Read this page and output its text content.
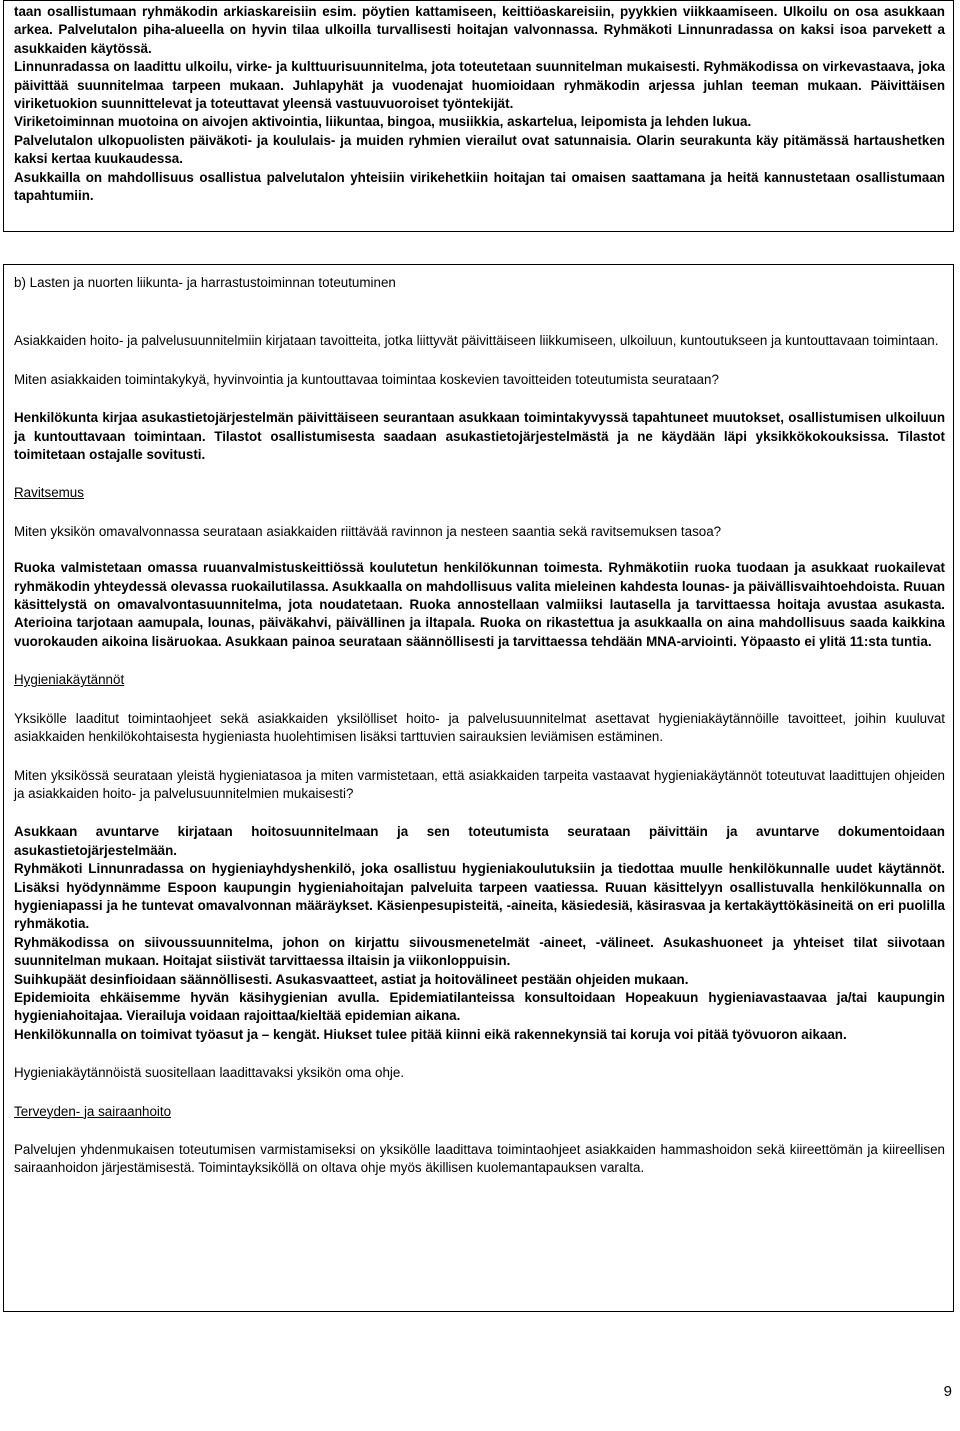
taan osallistumaan ryhmäkodin arkiaskareisiin esim. pöytien kattamiseen, keittiöaskareisiin, pyykkien viikkaamiseen. Ulkoilu on osa asukkaan arkea. Palvelutalon piha-alueella on hyvin tilaa ulkoilla turvallisesti hoitajan valvonnassa. Ryhmäkoti Linnunradassa on kaksi isoa parvekett a asukkaiden käytössä.

Linnunradassa on laadittu ulkoilu, virke- ja kulttuurisuunnitelma, jota toteutetaan suunnitelman mukaisesti. Ryhmäkodissa on virkevastaava, joka päivittää suunnitelmaa tarpeen mukaan. Juhlapyhät ja vuodenajat huomioidaan ryhmäkodin arjessa juhlan teeman mukaan. Päivittäisen viriketuokion suunnittelevat ja toteuttavat yleensä vastuuvuoroiset työntekijät.

Viriketoiminnan muotoina on aivojen aktivointia, liikuntaa, bingoa, musiikkia, askartelua, leipomista ja lehden lukua.

Palvelutalon ulkopuolisten päiväkoti- ja koululais- ja muiden ryhmien vierailut ovat satunnaisia. Olarin seurakunta käy pitämässä hartaushetken kaksi kertaa kuukaudessa.

Asukkailla on mahdollisuus osallistua palvelutalon yhteisiin virikehetkiin hoitajan tai omaisen saattamana ja heitä kannustetaan osallistumaan tapahtumiin.

b) Lasten ja nuorten liikunta- ja harrastustoiminnan toteutuminen

Asiakkaiden hoito- ja palvelusuunnitelmiin kirjataan tavoitteita, jotka liittyvät päivittäiseen liikkumiseen, ulkoiluun, kuntoutukseen ja kuntouttavaan toimintaan.

Miten asiakkaiden toimintakykyä, hyvinvointia ja kuntouttavaa toimintaa koskevien tavoitteiden toteutumista seurataan?

Henkilökunta kirjaa asukastietojärjestelmän päivittäiseen seurantaan asukkaan toimintakyvyssä tapahtuneet muutokset, osallistumisen ulkoiluun ja kuntouttavaan toimintaan. Tilastot osallistumisesta saadaan asukastietojärjestelmästä ja ne käydään läpi yksikkökokouksissa. Tilastot toimitetaan ostajalle sovitusti.

Ravitsemus

Miten yksikön omavalvonnassa seurataan asiakkaiden riittävää ravinnon ja nesteen saantia sekä ravitsemuksen tasoa?

Ruoka valmistetaan omassa ruuanvalmistuskeittiössä koulutetun henkilökunnan toimesta. Ryhmäkotiin ruoka tuodaan ja asukkaat ruokailevat ryhmäkodin yhteydessä olevassa ruokailutilassa. Asukkaalla on mahdollisuus valita mieleinen kahdesta lounas- ja päivällisvaihtoehdoista. Ruuan käsittelystä on omavalvontasuunnitelma, jota noudatetaan. Ruoka annostellaan valmiiksi lautasella ja tarvittaessa hoitaja avustaa asukasta. Aterioina tarjotaan aamupala, lounas, päiväkahvi, päivällinen ja iltapala. Ruoka on rikastettua ja asukkaalla on aina mahdollisuus saada kaikkina vuorokauden aikoina lisäruokaa. Asukkaan painoa seurataan säännöllisesti ja tarvittaessa tehdään MNA-arviointi. Yöpaasto ei ylitä 11:sta tuntia.

Hygieniakäytännöt

Yksikölle laaditut toimintaohjeet sekä asiakkaiden yksilölliset hoito- ja palvelusuunnitelmat asettavat hygieniakäytännöille tavoitteet, joihin kuuluvat asiakkaiden henkilökohtaisesta hygieniasta huolehtimisen lisäksi tarttuvien sairauksien leviämisen estäminen.

Miten yksikössä seurataan yleistä hygieniatasoa ja miten varmistetaan, että asiakkaiden tarpeita vastaavat hygieniakäytännöt toteutuvat laadittujen ohjeiden ja asiakkaiden hoito- ja palvelusuunnitelmien mukaisesti?

Asukkaan avuntarve kirjataan hoitosuunnitelmaan ja sen toteutumista seurataan päivittäin ja avuntarve dokumentoidaan asukastietojärjestelmään.

Ryhmäkoti Linnunradassa on hygieniayhdyshenkilö, joka osallistuu hygieniakoulutuksiin ja tiedottaa muulle henkilökunnalle uudet käytännöt. Lisäksi hyödynnämme Espoon kaupungin hygieniahoitajan palveluita tarpeen vaatiessa. Ruuan käsittelyyn osallistuvalla henkilökunnalla on hygieniapassi ja he tuntevat omavalvonnan määräykset. Käsienpesupisteitä, -aineita, käsiedesiä, käsirasvaa ja kertakäyttökäsineitä on eri puolilla ryhmäkotia.

Ryhmäkodissa on siivoussuunnitelma, johon on kirjattu siivousmenetelmät -aineet, -välineet. Asukashuoneet ja yhteiset tilat siivotaan suunnitelman mukaan. Hoitajat siistivät tarvittaessa iltaisin ja viikonloppuisin.

Suihkupäät desinfioidaan säännöllisesti. Asukasvaatteet, astiat ja hoitovälineet pestään ohjeiden mukaan.

Epidemioita ehkäisemme hyvän käsihygienian avulla. Epidemiatilanteissa konsultoidaan Hopeakuun hygieniavastaavaa ja/tai kaupungin hygieniahoitajaa. Vierailuja voidaan rajoittaa/kieltää epidemian aikana.

Henkilökunnalla on toimivat työasut ja – kengät. Hiukset tulee pitää kiinni eikä rakennekynsiä tai koruja voi pitää työvuoron aikaan.

Hygieniakäytännöistä suositellaan laadittavaksi yksikön oma ohje.

Terveyden- ja sairaanhoito

Palvelujen yhdenmukaisen toteutumisen varmistamiseksi on yksikölle laadittava toimintaohjeet asiakkaiden hammashoidon sekä kiireettömän ja kiireellisen sairaanhoidon järjestämisestä. Toimintayksiköllä on oltava ohje myös äkillisen kuolemantapauksen varalta.

9
